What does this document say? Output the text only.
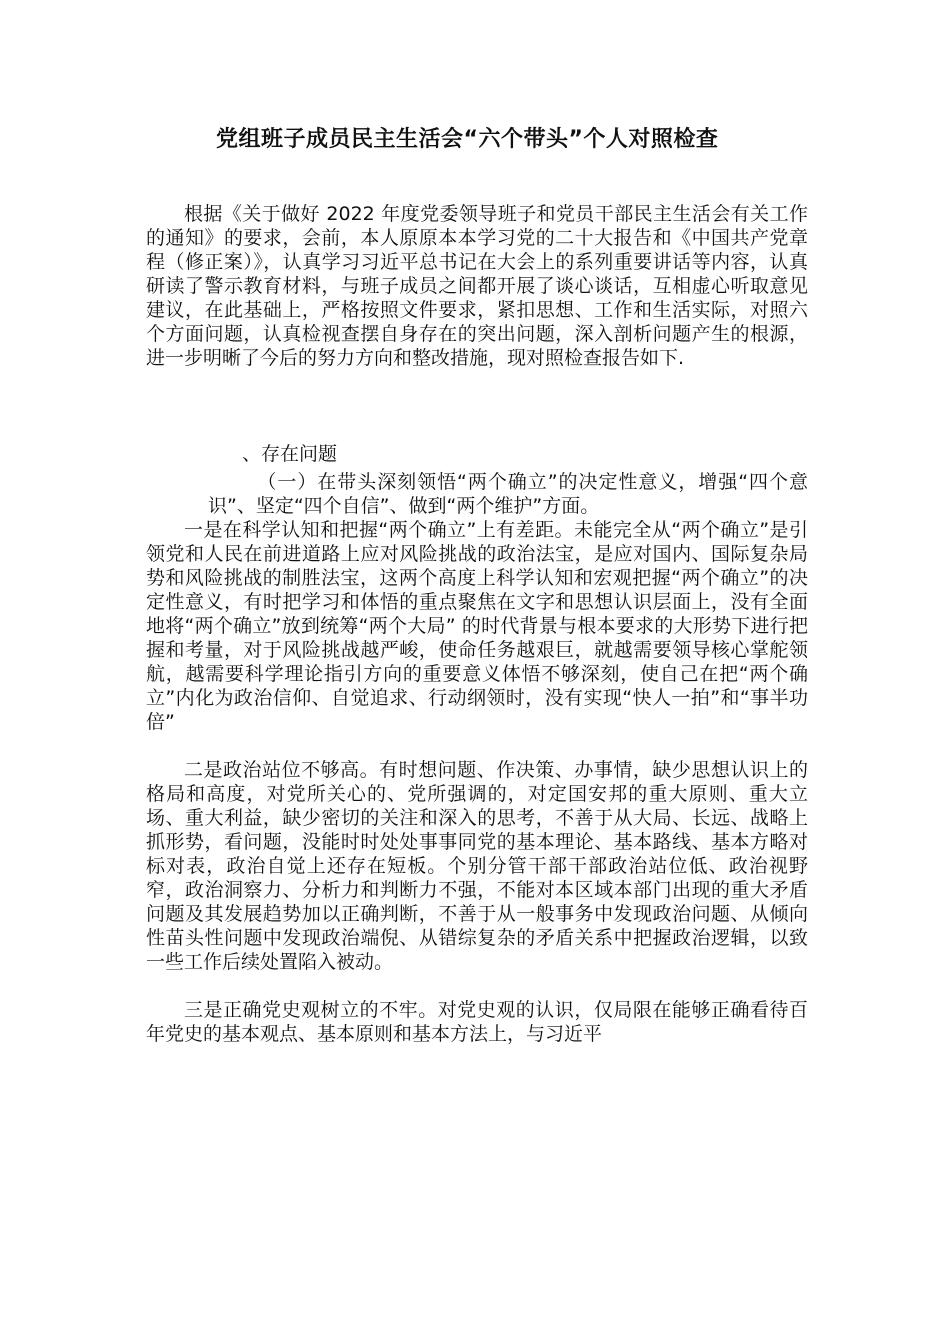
党组班子成员民主生活会“六个带头”个人对照检查

根据《关于做好 2022 年度党委领导班子和党员干部民主生活会有关工作的通知》的要求，会前，本人原原本本学习党的二十大报告和《中国共产党章程（修正案）》，认真学习习近平总书记在大会上的系列重要讲话等内容，认真研读了警示教育材料，与班子成员之间都开展了谈心谈话，互相虚心听取意见建议，在此基础上，严格按照文件要求，紧扣思想、工作和生活实际，对照六个方面问题，认真检视查摆自身存在的突出问题，深入剖析问题产生的根源，进一步明晰了今后的努力方向和整改措施，现对照检查报告如下.

、存在问题

（一）在带头深刻领悟“两个确立”的决定性意义，增强“四个意识”、坚定“四个自信”、做到“两个维护”方面。

一是在科学认知和把握“两个确立”上有差距。未能完全从“两个确立”是引领党和人民在前进道路上应对风险挑战的政治法宝，是应对国内、国际复杂局势和风险挑战的制胜法宝，这两个高度上科学认知和宏观把握“两个确立”的决定性意义，有时把学习和体悟的重点聚焦在文字和思想认识层面上，没有全面地将“两个确立”放到统筹“两个大局” 的时代背景与根本要求的大形势下进行把握和考量，对于风险挑战越严峻，使命任务越艰巨，就越需要领导核心掌舵领航，越需要科学理论指引方向的重要意义体悟不够深刻，使自己在把“两个确立”内化为政治信仰、自觉追求、行动纲领时，没有实现“快人一拍”和“事半功倍”

二是政治站位不够高。有时想问题、作决策、办事情，缺少思想认识上的格局和高度，对党所关心的、党所强调的，对定国安邦的重大原则、重大立场、重大利益，缺少密切的关注和深入的思考，不善于从大局、长远、战略上抓形势，看问题，没能时时处处事事同党的基本理论、基本路线、基本方略对标对表，政治自觉上还存在短板。个别分管干部干部政治站位低、政治视野窄，政治洞察力、分析力和判断力不强，不能对本区域本部门出现的重大矛盾问题及其发展趋势加以正确判断，不善于从一般事务中发现政治问题、从倾向性苗头性问题中发现政治端倪、从错综复杂的矛盾关系中把握政治逻辑，以致一些工作后续处置陷入被动。

三是正确党史观树立的不牢。对党史观的认识，仅局限在能够正确看待百年党史的基本观点、基本原则和基本方法上，与习近平
